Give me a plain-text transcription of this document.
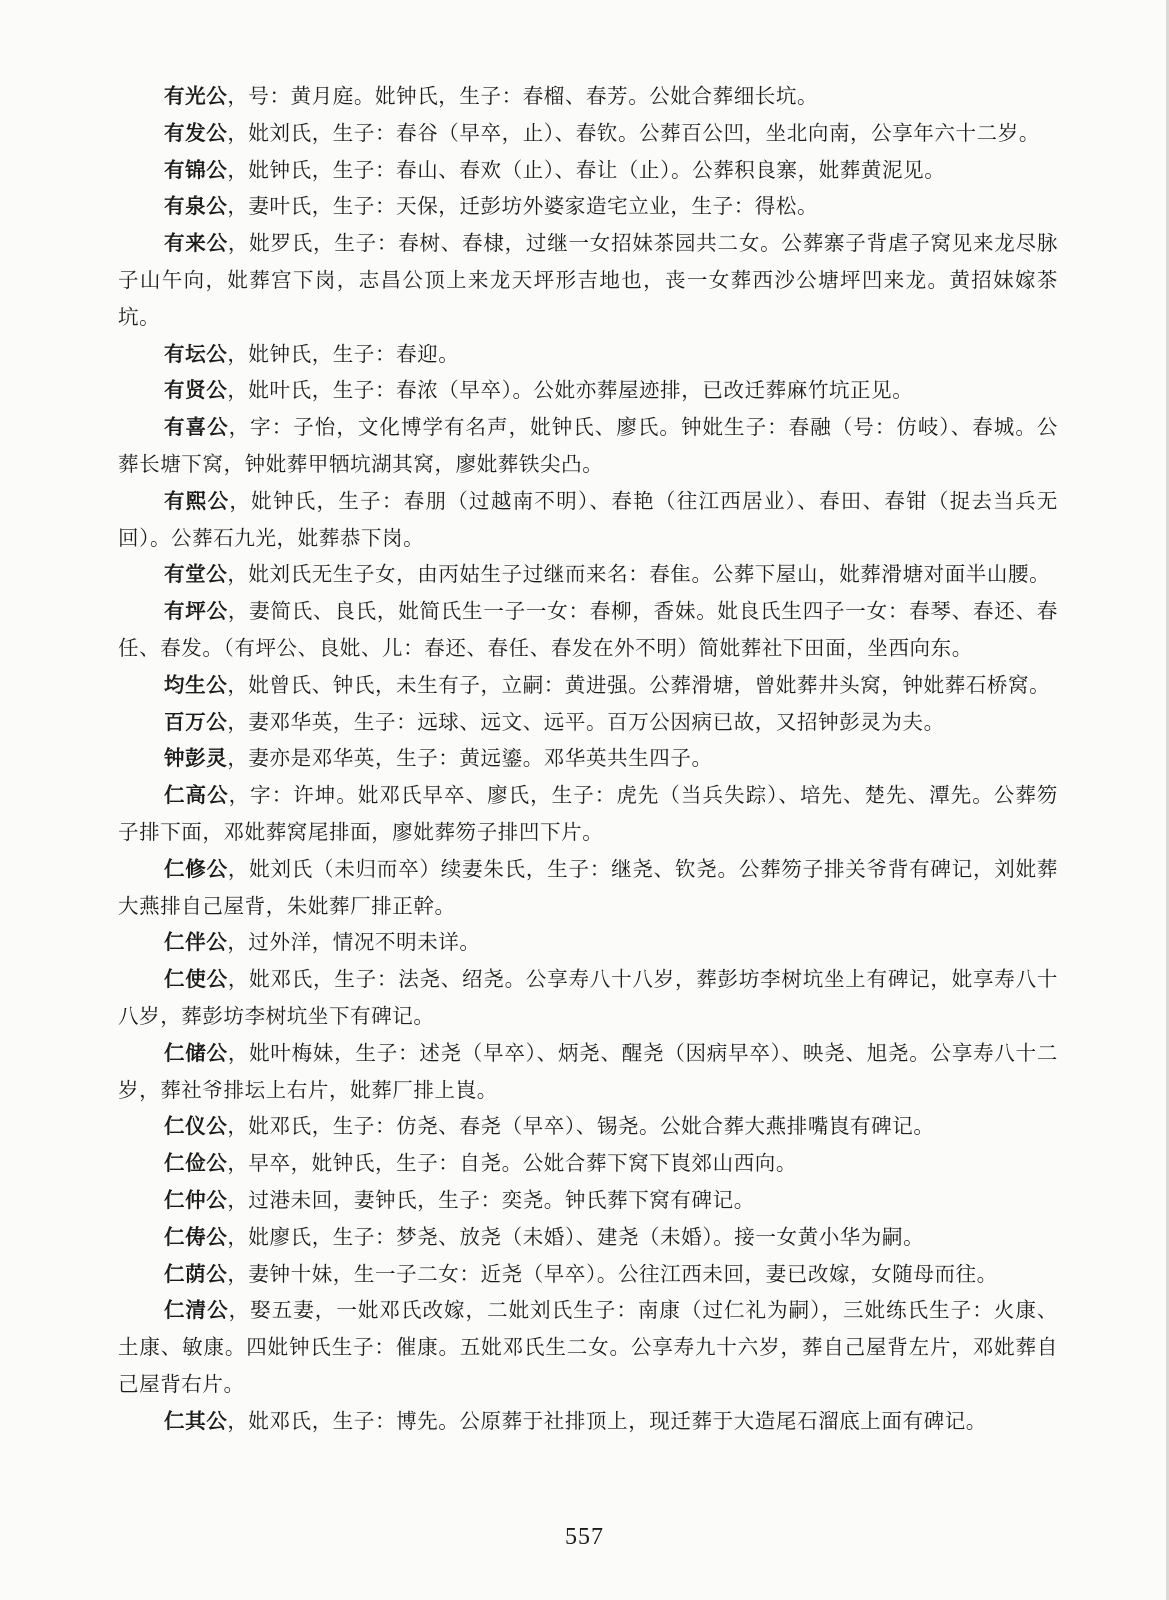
有光公，号：黄月庭。妣钟氏，生子：春榴、春芳。公妣合葬细长坑。

有发公，妣刘氏，生子：春谷（早卒，止）、春钦。公葬百公凹，坐北向南，公享年六十二岁。

有锦公，妣钟氏，生子：春山、春欢（止）、春让（止）。公葬积良寨，妣葬黄泥见。

有泉公，妻叶氏，生子：天保，迁彭坊外婆家造宅立业，生子：得松。

有来公，妣罗氏，生子：春树、春棣，过继一女招妹茶园共二女。公葬寨子背虐子窝见来龙尽脉子山午向，妣葬宫下岗，志昌公顶上来龙天坪形吉地也，丧一女葬西沙公塘坪凹来龙。黄招妹嫁茶坑。

有坛公，妣钟氏，生子：春迎。

有贤公，妣叶氏，生子：春浓（早卒）。公妣亦葬屋迹排，已改迁葬麻竹坑正见。

有喜公，字：子怡，文化博学有名声，妣钟氏、廖氏。钟妣生子：春融（号：仿岐）、春城。公葬长塘下窝，钟妣葬甲牺坑湖其窝，廖妣葬铁尖凸。

有熙公，妣钟氏，生子：春朋（过越南不明）、春艳（往江西居业）、春田、春钳（捉去当兵无回）。公葬石九光，妣葬恭下岗。

有堂公，妣刘氏无生子女，由丙姑生子过继而来名：春隹。公葬下屋山，妣葬滑塘对面半山腰。

有坪公，妻简氏、良氏，妣简氏生一子一女：春柳，香妹。妣良氏生四子一女：春琴、春还、春任、春发。（有坪公、良妣、儿：春还、春任、春发在外不明）简妣葬社下田面，坐西向东。

均生公，妣曾氏、钟氏，未生有子，立嗣：黄进强。公葬滑塘，曾妣葬井头窝，钟妣葬石桥窝。

百万公，妻邓华英，生子：远球、远文、远平。百万公因病已故，又招钟彭灵为夫。

钟彭灵，妻亦是邓华英，生子：黄远鎏。邓华英共生四子。

仁高公，字：许坤。妣邓氏早卒、廖氏，生子：虎先（当兵失踪）、培先、楚先、潭先。公葬笏子排下面，邓妣葬窝尾排面，廖妣葬笏子排凹下片。

仁修公，妣刘氏（未归而卒）续妻朱氏，生子：继尧、钦尧。公葬笏子排关爷背有碑记，刘妣葬大燕排自己屋背，朱妣葬厂排正幹。

仁伴公，过外洋，情况不明未详。

仁使公，妣邓氏，生子：法尧、绍尧。公享寿八十八岁，葬彭坊李树坑坐上有碑记，妣享寿八十八岁，葬彭坊李树坑坐下有碑记。

仁储公，妣叶梅妹，生子：述尧（早卒）、炳尧、醒尧（因病早卒）、映尧、旭尧。公享寿八十二岁，葬社爷排坛上右片，妣葬厂排上崀。

仁仪公，妣邓氏，生子：仿尧、春尧（早卒）、锡尧。公妣合葬大燕排嘴崀有碑记。

仁俭公，早卒，妣钟氏，生子：自尧。公妣合葬下窝下崀郊山西向。

仁仲公，过港未回，妻钟氏，生子：奕尧。钟氏葬下窝有碑记。

仁俦公，妣廖氏，生子：梦尧、放尧（未婚）、建尧（未婚）。接一女黄小华为嗣。

仁荫公，妻钟十妹，生一子二女：近尧（早卒）。公往江西未回，妻已改嫁，女随母而往。

仁清公，娶五妻，一妣邓氏改嫁，二妣刘氏生子：南康（过仁礼为嗣），三妣练氏生子：火康、土康、敏康。四妣钟氏生子：催康。五妣邓氏生二女。公享寿九十六岁，葬自己屋背左片，邓妣葬自己屋背右片。

仁其公，妣邓氏，生子：博先。公原葬于社排顶上，现迁葬于大造尾石溜底上面有碑记。

557
